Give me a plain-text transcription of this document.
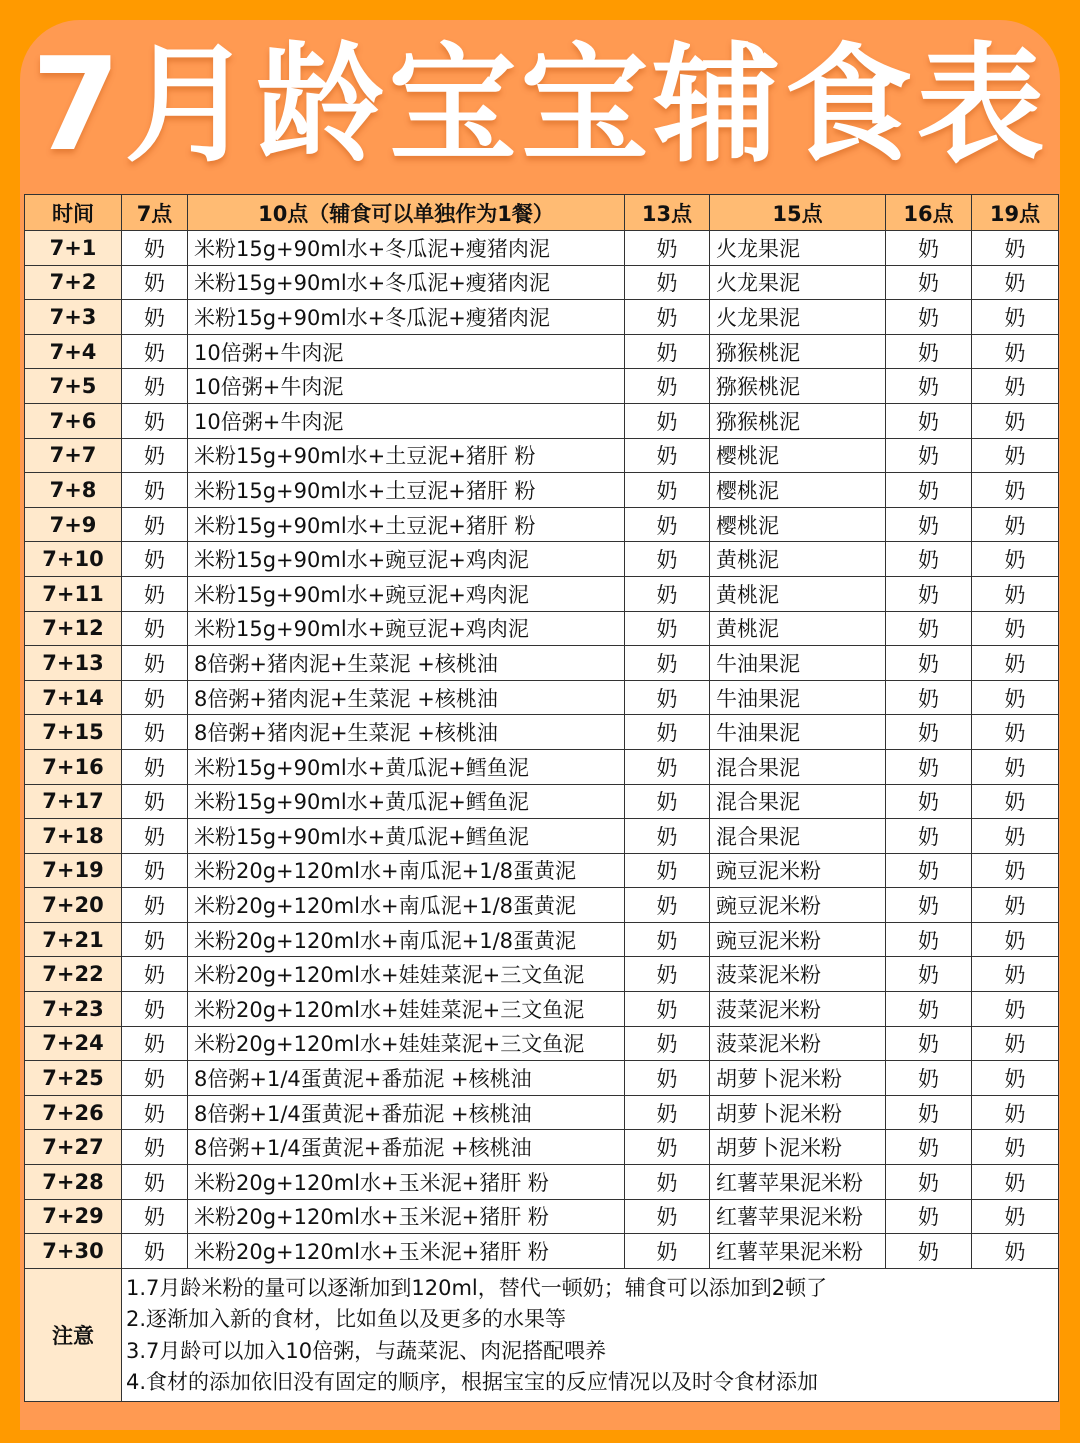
7月龄宝宝辅食表
时间	7点	10点（辅食可以单独作为1餐）	13点	15点	16点	19点
7+1	奶	米粉15g+90ml水+冬瓜泥+瘦猪肉泥	奶	火龙果泥	奶	奶
7+2	奶	米粉15g+90ml水+冬瓜泥+瘦猪肉泥	奶	火龙果泥	奶	奶
7+3	奶	米粉15g+90ml水+冬瓜泥+瘦猪肉泥	奶	火龙果泥	奶	奶
7+4	奶	10倍粥+牛肉泥	奶	猕猴桃泥	奶	奶
7+5	奶	10倍粥+牛肉泥	奶	猕猴桃泥	奶	奶
7+6	奶	10倍粥+牛肉泥	奶	猕猴桃泥	奶	奶
7+7	奶	米粉15g+90ml水+土豆泥+猪肝 粉	奶	樱桃泥	奶	奶
7+8	奶	米粉15g+90ml水+土豆泥+猪肝 粉	奶	樱桃泥	奶	奶
7+9	奶	米粉15g+90ml水+土豆泥+猪肝 粉	奶	樱桃泥	奶	奶
7+10	奶	米粉15g+90ml水+豌豆泥+鸡肉泥	奶	黄桃泥	奶	奶
7+11	奶	米粉15g+90ml水+豌豆泥+鸡肉泥	奶	黄桃泥	奶	奶
7+12	奶	米粉15g+90ml水+豌豆泥+鸡肉泥	奶	黄桃泥	奶	奶
7+13	奶	8倍粥+猪肉泥+生菜泥 +核桃油	奶	牛油果泥	奶	奶
7+14	奶	8倍粥+猪肉泥+生菜泥 +核桃油	奶	牛油果泥	奶	奶
7+15	奶	8倍粥+猪肉泥+生菜泥 +核桃油	奶	牛油果泥	奶	奶
7+16	奶	米粉15g+90ml水+黄瓜泥+鳕鱼泥	奶	混合果泥	奶	奶
7+17	奶	米粉15g+90ml水+黄瓜泥+鳕鱼泥	奶	混合果泥	奶	奶
7+18	奶	米粉15g+90ml水+黄瓜泥+鳕鱼泥	奶	混合果泥	奶	奶
7+19	奶	米粉20g+120ml水+南瓜泥+1/8蛋黄泥	奶	豌豆泥米粉	奶	奶
7+20	奶	米粉20g+120ml水+南瓜泥+1/8蛋黄泥	奶	豌豆泥米粉	奶	奶
7+21	奶	米粉20g+120ml水+南瓜泥+1/8蛋黄泥	奶	豌豆泥米粉	奶	奶
7+22	奶	米粉20g+120ml水+娃娃菜泥+三文鱼泥	奶	菠菜泥米粉	奶	奶
7+23	奶	米粉20g+120ml水+娃娃菜泥+三文鱼泥	奶	菠菜泥米粉	奶	奶
7+24	奶	米粉20g+120ml水+娃娃菜泥+三文鱼泥	奶	菠菜泥米粉	奶	奶
7+25	奶	8倍粥+1/4蛋黄泥+番茄泥 +核桃油	奶	胡萝卜泥米粉	奶	奶
7+26	奶	8倍粥+1/4蛋黄泥+番茄泥 +核桃油	奶	胡萝卜泥米粉	奶	奶
7+27	奶	8倍粥+1/4蛋黄泥+番茄泥 +核桃油	奶	胡萝卜泥米粉	奶	奶
7+28	奶	米粉20g+120ml水+玉米泥+猪肝 粉	奶	红薯苹果泥米粉	奶	奶
7+29	奶	米粉20g+120ml水+玉米泥+猪肝 粉	奶	红薯苹果泥米粉	奶	奶
7+30	奶	米粉20g+120ml水+玉米泥+猪肝 粉	奶	红薯苹果泥米粉	奶	奶
注意	1.7月龄米粉的量可以逐渐加到120ml，替代一顿奶；辅食可以添加到2顿了
2.逐渐加入新的食材，比如鱼以及更多的水果等
3.7月龄可以加入10倍粥，与蔬菜泥、肉泥搭配喂养
4.食材的添加依旧没有固定的顺序，根据宝宝的反应情况以及时令食材添加					
